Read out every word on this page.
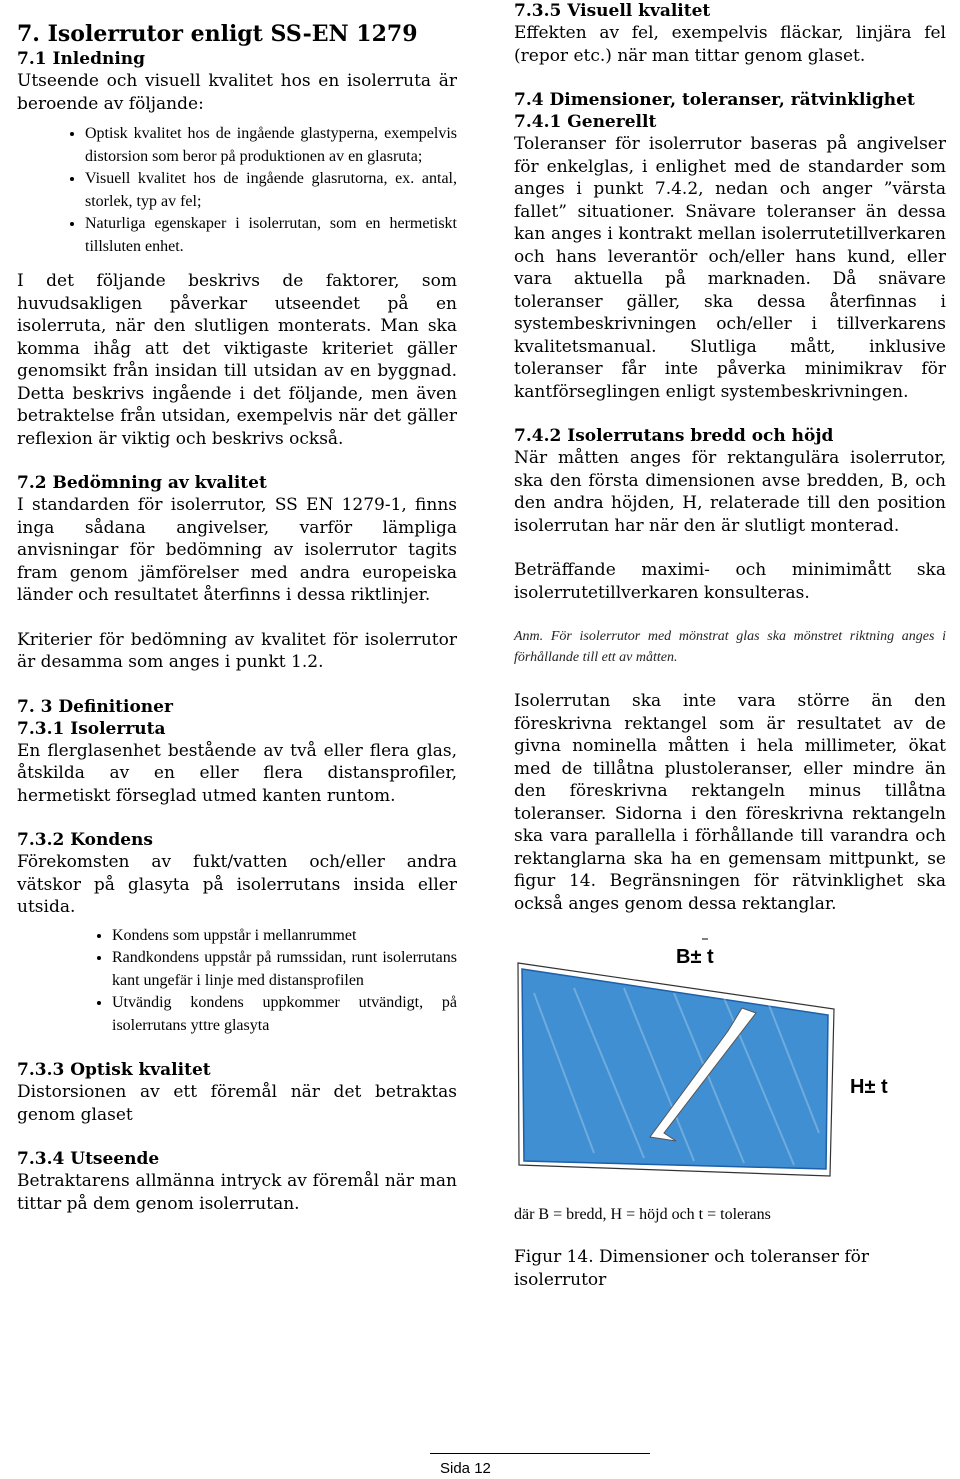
7. Isolerrutor enligt SS-EN 1279

7.1 Inledning

Utseende och visuell kvalitet hos en isolerruta är beroende av följande:

• Optisk kvalitet hos de ingående glastyperna, exempelvis distorsion som beror på produktionen av en glasruta;
• Visuell kvalitet hos de ingående glasrutorna, ex. antal, storlek, typ av fel;
• Naturliga egenskaper i isolerrutan, som en hermetiskt tillsluten enhet.

I det följande beskrivs de faktorer, som huvudsakligen påverkar utseendet på en isolerruta, när den slutligen monterats. Man ska komma ihåg att det viktigaste kriteriet gäller genomsikt från insidan till utsidan av en byggnad. Detta beskrivs ingående i det följande, men även betraktelse från utsidan, exempelvis när det gäller reflexion är viktig och beskrivs också.

7.2 Bedömning av kvalitet

I standarden för isolerrutor, SS EN 1279-1, finns inga sådana angivelser, varför lämpliga anvisningar för bedömning av isolerrutor tagits fram genom jämförelser med andra europeiska länder och resultatet återfinns i dessa riktlinjer.

Kriterier för bedömning av kvalitet för isolerrutor är desamma som anges i punkt 1.2.

7. 3 Definitioner

7.3.1 Isolerruta

En flerglasenhet bestående av två eller flera glas, åtskilda av en eller flera distansprofiler, hermetiskt förseglad utmed kanten runtom.

7.3.2 Kondens

Förekomsten av fukt/vatten och/eller andra vätskor på glasyta på isolerrutans insida eller utsida.

• Kondens som uppstår i mellanrummet
• Randkondens uppstår på rumssidan, runt isolerrutans kant ungefär i linje med distansprofilen
• Utvändig kondens uppkommer utvändigt, på isolerrutans yttre glasyta

7.3.3 Optisk kvalitet

Distorsionen av ett föremål när det betraktas genom glaset

7.3.4 Utseende

Betraktarens allmänna intryck av föremål när man tittar på dem genom isolerrutan.

7.3.5 Visuell kvalitet

Effekten av fel, exempelvis fläckar, linjära fel (repor etc.) när man tittar genom glaset.

7.4 Dimensioner, toleranser, rätvinklighet

7.4.1 Generellt

Toleranser för isolerrutor baseras på angivelser för enkelglas, i enlighet med de standarder som anges i punkt 7.4.2, nedan och anger ”värsta fallet” situationer. Snävare toleranser än dessa kan anges i kontrakt mellan isolerrutetillverkaren och hans leverantör och/eller hans kund, eller vara aktuella på marknaden. Då snävare toleranser gäller, ska dessa återfinnas i systembeskrivningen och/eller i tillverkarens kvalitetsmanual. Slutliga mått, inklusive toleranser får inte påverka minimikrav för kantförseglingen enligt systembeskrivningen.

7.4.2 Isolerrutans bredd och höjd

När måtten anges för rektangulära isolerrutor, ska den första dimensionen avse bredden, B, och den andra höjden, H, relaterade till den position isolerrutan har när den är slutligt monterad.

Beträffande maximi- och minimimått ska isolerrutetillverkaren konsulteras.

Anm. För isolerrutor med mönstrat glas ska mönstret riktning anges i förhållande till ett av måtten.

Isolerrutan ska inte vara större än den föreskrivna rektangel som är resultatet av de givna nominella måtten i hela millimeter, ökat med de tillåtna plustoleranser, eller mindre än den föreskrivna rektangeln minus tillåtna toleranser. Sidorna i den föreskrivna rektangeln ska vara parallella i förhållande till varandra och rektanglarna ska ha en gemensam mittpunkt, se figur 14. Begränsningen för rätvinklighet ska också anges genom dessa rektanglar.

B± t
H± t

där B = bredd, H = höjd och t = tolerans

Figur 14. Dimensioner och toleranser för isolerrutor

Sida 12
